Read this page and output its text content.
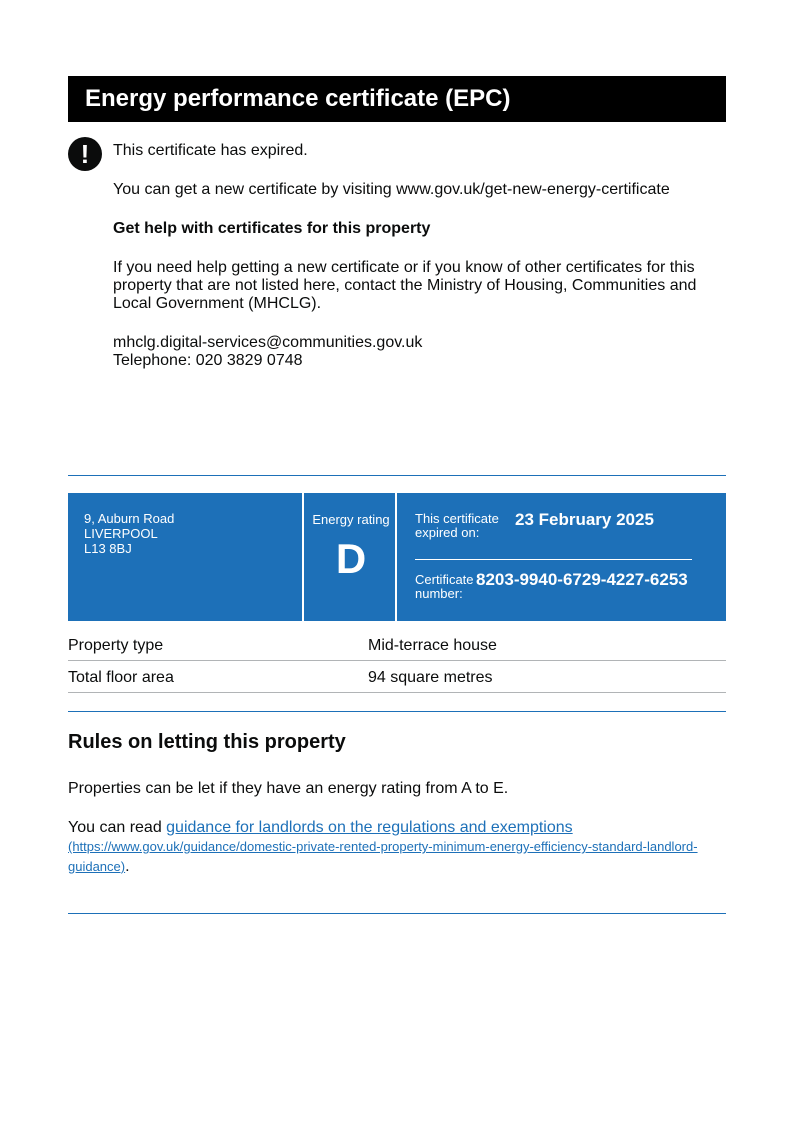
Energy performance certificate (EPC)
!	This certificate has expired.

You can get a new certificate by visiting www.gov.uk/get-new-energy-certificate

Get help with certificates for this property

If you need help getting a new certificate or if you know of other certificates for this property that are not listed here, contact the Ministry of Housing, Communities and Local Government (MHCLG).

mhclg.digital-services@communities.gov.uk

Telephone: 020 3829 0748

9, Auburn Road
LIVERPOOL
L13 8BJ
Energy rating
D
This certificate
expired on:
23 February 2025
Certificate
number:
8203-9940-6729-4227-6253
Property type	Mid-terrace house
Total floor area	94 square metres
Rules on letting this property

Properties can be let if they have an energy rating from A to E.

You can read guidance for landlords on the regulations and exemptions
(https://www.gov.uk/guidance/domestic-private-rented-property-minimum-energy-efficiency-standard-landlord-guidance).
